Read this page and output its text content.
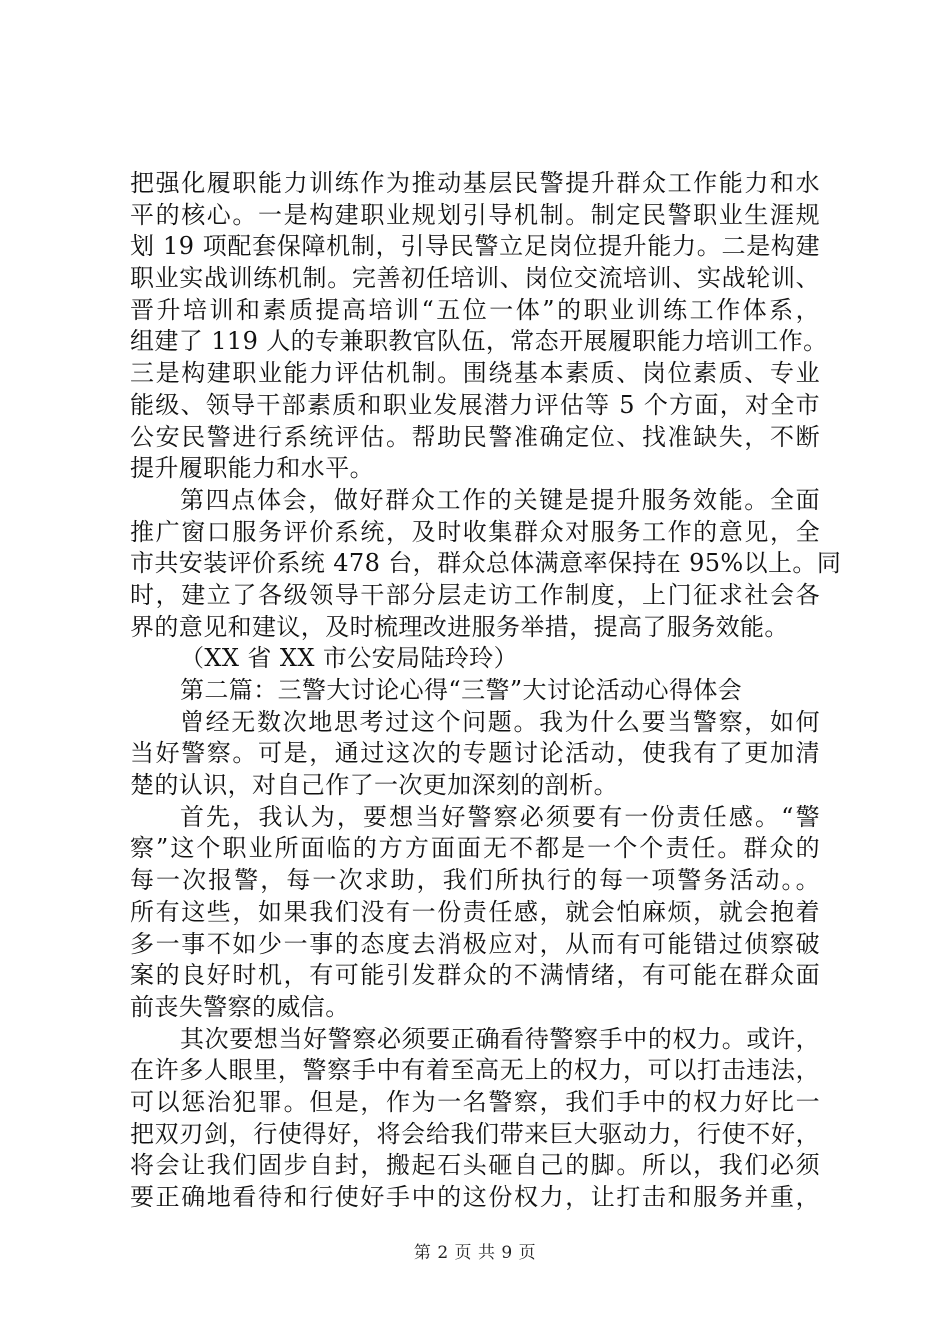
把强化履职能力训练作为推动基层民警提升群众工作能力和水
平的核心。一是构建职业规划引导机制。制定民警职业生涯规
划 19 项配套保障机制，引导民警立足岗位提升能力。二是构建
职业实战训练机制。完善初任培训、岗位交流培训、实战轮训、
晋升培训和素质提高培训“五位一体”的职业训练工作体系，
组建了 119 人的专兼职教官队伍，常态开展履职能力培训工作。
三是构建职业能力评估机制。围绕基本素质、岗位素质、专业
能级、领导干部素质和职业发展潜力评估等 5 个方面，对全市
公安民警进行系统评估。帮助民警准确定位、找准缺失，不断
提升履职能力和水平。
第四点体会，做好群众工作的关键是提升服务效能。全面
推广窗口服务评价系统，及时收集群众对服务工作的意见，全
市共安装评价系统 478 台，群众总体满意率保持在 95%以上。同
时，建立了各级领导干部分层走访工作制度，上门征求社会各
界的意见和建议，及时梳理改进服务举措，提高了服务效能。
（XX 省 XX 市公安局陆玲玲）
第二篇：三警大讨论心得“三警”大讨论活动心得体会
曾经无数次地思考过这个问题。我为什么要当警察，如何
当好警察。可是，通过这次的专题讨论活动，使我有了更加清
楚的认识，对自己作了一次更加深刻的剖析。
首先，我认为，要想当好警察必须要有一份责任感。“警
察”这个职业所面临的方方面面无不都是一个个责任。群众的
每一次报警，每一次求助，我们所执行的每一项警务活动。。
所有这些，如果我们没有一份责任感，就会怕麻烦，就会抱着
多一事不如少一事的态度去消极应对，从而有可能错过侦察破
案的良好时机，有可能引发群众的不满情绪，有可能在群众面
前丧失警察的威信。
其次要想当好警察必须要正确看待警察手中的权力。或许，
在许多人眼里，警察手中有着至高无上的权力，可以打击违法，
可以惩治犯罪。但是，作为一名警察，我们手中的权力好比一
把双刃剑，行使得好，将会给我们带来巨大驱动力，行使不好，
将会让我们固步自封，搬起石头砸自己的脚。所以，我们必须
要正确地看待和行使好手中的这份权力，让打击和服务并重，
第 2 页 共 9 页
